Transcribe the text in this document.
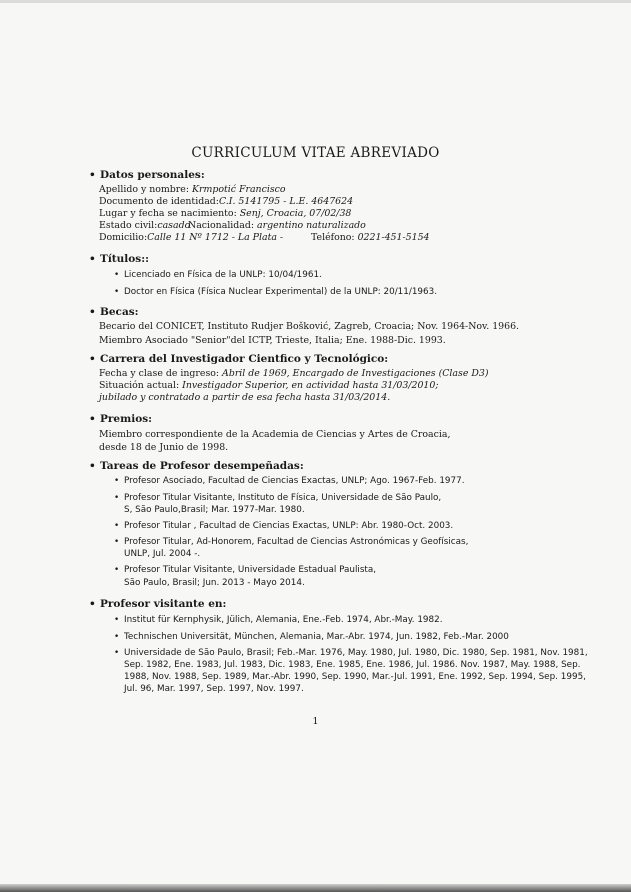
CURRICULUM VITAE ABREVIADO
• Datos personales:
Apellido y nombre: Krmpotić Francisco
Documento de identidad:C.I. 5141795 - L.E. 4647624
Lugar y fecha se nacimiento: Senj, Croacia, 07/02/38
Estado civil:casado
Nacionalidad: argentino naturalizado
Domicilio:Calle 11 Nº 1712 - La Plata -	Teléfono: 0221-451-5154
• Títulos::
• Licenciado en Física de la UNLP: 10/04/1961.
• Doctor en Física (Física Nuclear Experimental) de la UNLP: 20/11/1963.
• Becas:
Becario del CONICET, Instituto Rudjer Bošković, Zagreb, Croacia; Nov. 1964-Nov. 1966.
Miembro Asociado "Senior"del ICTP, Trieste, Italia; Ene. 1988-Dic. 1993.
• Carrera del Investigador Cientfico y Tecnológico:
Fecha y clase de ingreso: Abril de 1969, Encargado de Investigaciones (Clase D3)
Situación actual: Investigador Superior, en actividad hasta 31/03/2010;
jubilado y contratado a partir de esa fecha hasta 31/03/2014.
• Premios:
Miembro correspondiente de la Academia de Ciencias y Artes de Croacia,
desde 18 de Junio de 1998.
• Tareas de Profesor desempeñadas:
• Profesor Asociado, Facultad de Ciencias Exactas, UNLP; Ago. 1967-Feb. 1977.
• Profesor Titular Visitante, Instituto de Física, Universidade de São Paulo,
S, São Paulo,Brasil; Mar. 1977-Mar. 1980.
• Profesor Titular , Facultad de Ciencias Exactas, UNLP: Abr. 1980-Oct. 2003.
• Profesor Titular, Ad-Honorem, Facultad de Ciencias Astronómicas y Geofísicas,
UNLP, Jul. 2004 -.
• Profesor Titular Visitante, Universidade Estadual Paulista,
São Paulo, Brasil; Jun. 2013 - Mayo 2014.
• Profesor visitante en:
• Institut für Kernphysik, Jülich, Alemania, Ene.-Feb. 1974, Abr.-May. 1982.
• Technischen Universität, München, Alemania, Mar.-Abr. 1974, Jun. 1982, Feb.-Mar. 2000
• Universidade de São Paulo, Brasil; Feb.-Mar. 1976, May. 1980, Jul. 1980, Dic. 1980, Sep. 1981, Nov. 1981,
Sep. 1982, Ene. 1983, Jul. 1983, Dic. 1983, Ene. 1985, Ene. 1986, Jul. 1986. Nov. 1987, May. 1988, Sep.
1988, Nov. 1988, Sep. 1989, Mar.-Abr. 1990, Sep. 1990, Mar.-Jul. 1991, Ene. 1992, Sep. 1994, Sep. 1995,
Jul. 96, Mar. 1997, Sep. 1997, Nov. 1997.
1
